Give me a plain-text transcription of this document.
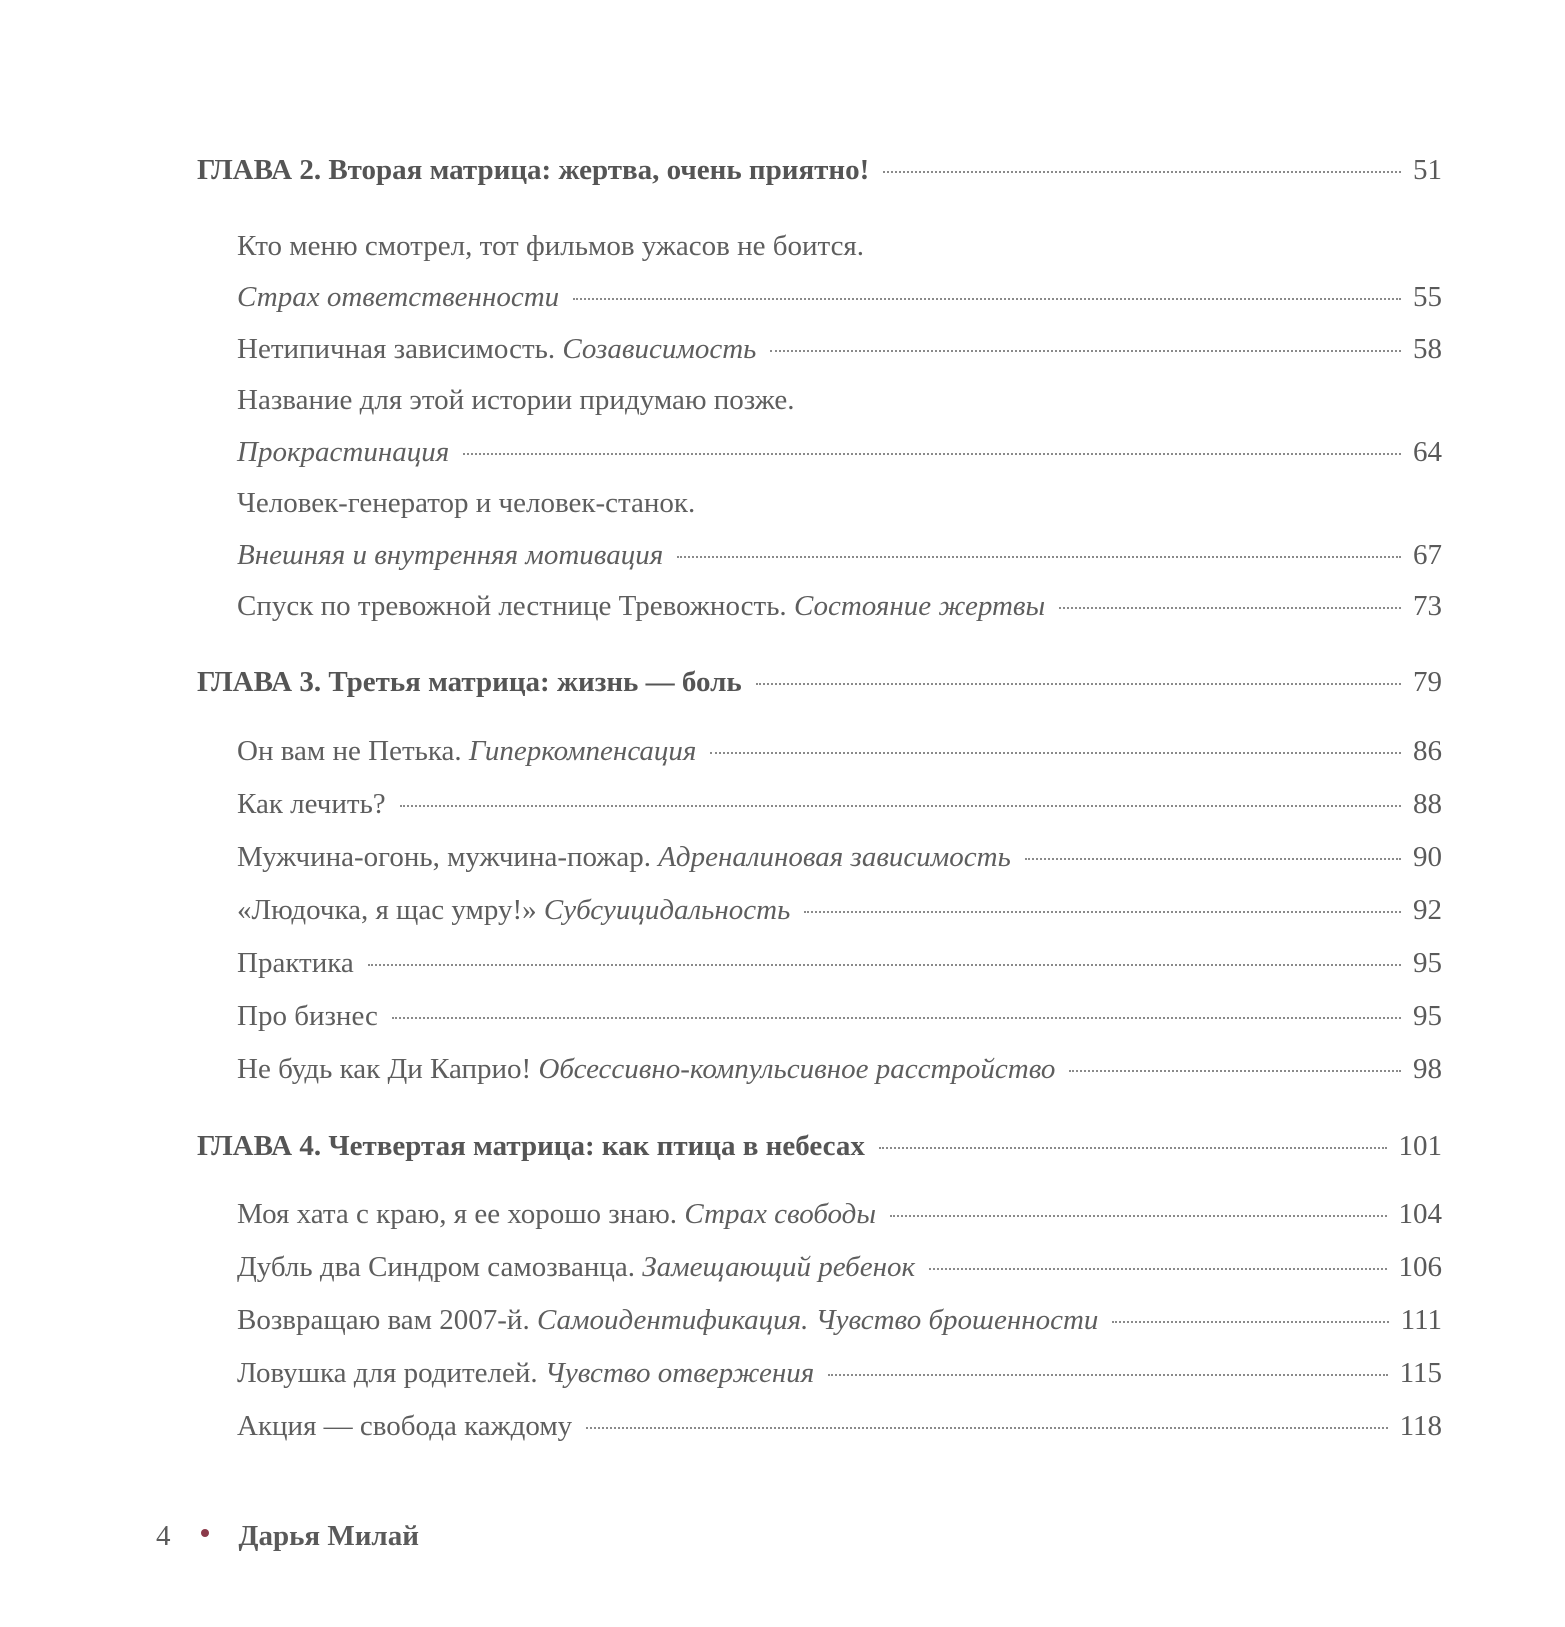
ГЛАВА 2. Вторая матрица: жертва, очень приятно!	51
Кто меню смотрел, тот фильмов ужасов не боится.
Страх ответственности	55
Нетипичная зависимость. Созависимость	58
Название для этой истории придумаю позже.
Прокрастинация	64
Человек-генератор и человек-станок.
Внешняя и внутренняя мотивация	67
Спуск по тревожной лестнице Тревожность. Состояние жертвы	73
ГЛАВА 3. Третья матрица: жизнь — боль	79
Он вам не Петька. Гиперкомпенсация	86
Как лечить?	88
Мужчина-огонь, мужчина-пожар. Адреналиновая зависимость	90
«Людочка, я щас умру!» Субсуицидальность	92
Практика	95
Про бизнес	95
Не будь как Ди Каприо! Обсессивно-компульсивное расстройство	98
ГЛАВА 4. Четвертая матрица: как птица в небесах	101
Моя хата с краю, я ее хорошо знаю. Страх свободы	104
Дубль два Синдром самозванца. Замещающий ребенок	106
Возвращаю вам 2007-й. Самоидентификация. Чувство брошенности	111
Ловушка для родителей. Чувство отвержения	115
Акция — свобода каждому	118
4 Дарья Милай
